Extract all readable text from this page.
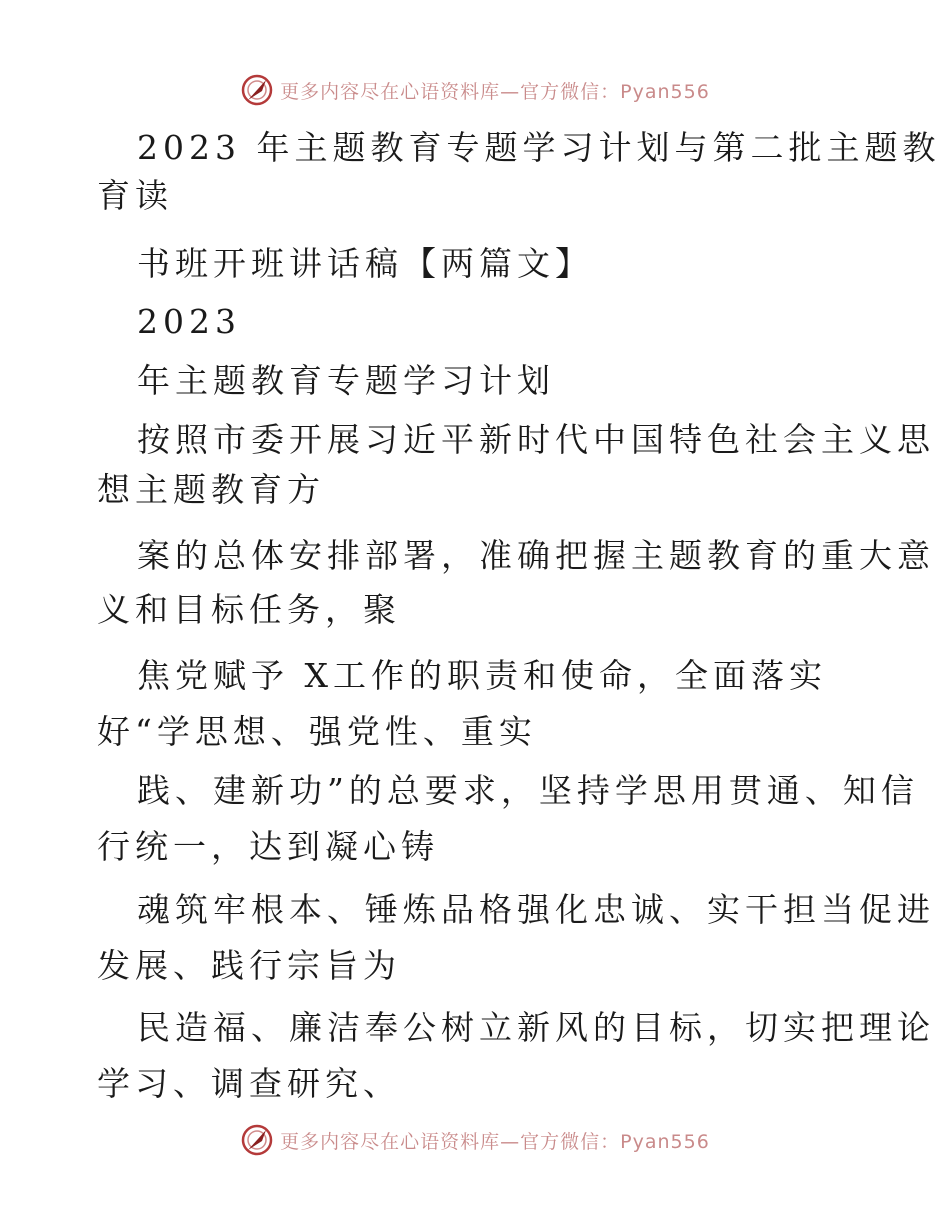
更多内容尽在心语资料库—官方微信：Pyan556
2023 年主题教育专题学习计划与第二批主题教
育读
书班开班讲话稿【两篇文】
2023
年主题教育专题学习计划
按照市委开展习近平新时代中国特色社会主义思
想主题教育方
案的总体安排部署，准确把握主题教育的重大意
义和目标任务，聚
焦党赋予 X工作的职责和使命，全面落实
好“学思想、强党性、重实
践、建新功”的总要求，坚持学思用贯通、知信
行统一，达到凝心铸
魂筑牢根本、锤炼品格强化忠诚、实干担当促进
发展、践行宗旨为
民造福、廉洁奉公树立新风的目标，切实把理论
学习、调查研究、
更多内容尽在心语资料库—官方微信：Pyan556
